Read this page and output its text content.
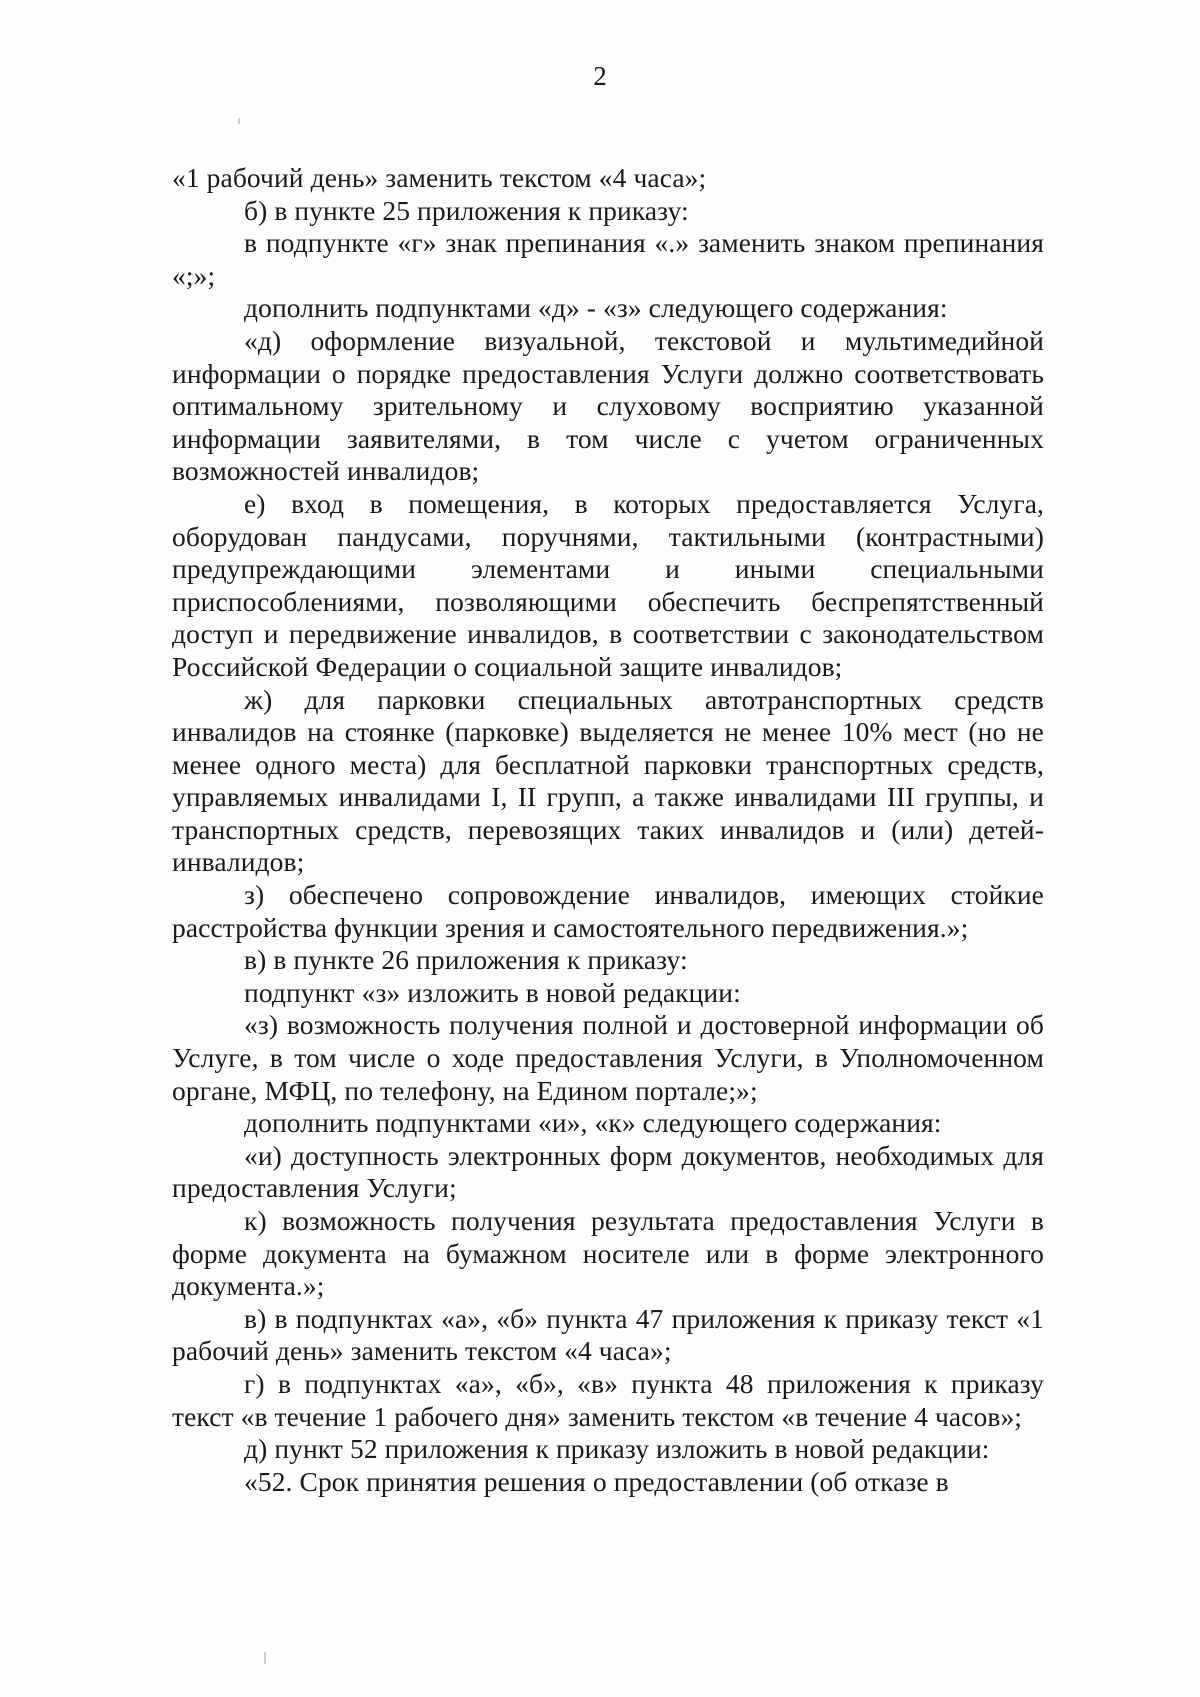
2

«1 рабочий день» заменить текстом «4 часа»;

б) в пункте 25 приложения к приказу:

в подпункте «г» знак препинания «.» заменить знаком препинания «;»;

дополнить подпунктами «д» - «з» следующего содержания:

«д) оформление визуальной, текстовой и мультимедийной информации о порядке предоставления Услуги должно соответствовать оптимальному зрительному и слуховому восприятию указанной информации заявителями, в том числе с учетом ограниченных возможностей инвалидов;

е) вход в помещения, в которых предоставляется Услуга, оборудован пандусами, поручнями, тактильными (контрастными) предупреждающими элементами и иными специальными приспособлениями, позволяющими обеспечить беспрепятственный доступ и передвижение инвалидов, в соответствии с законодательством Российской Федерации о социальной защите инвалидов;

ж) для парковки специальных автотранспортных средств инвалидов на стоянке (парковке) выделяется не менее 10% мест (но не менее одного места) для бесплатной парковки транспортных средств, управляемых инвалидами I, II групп, а также инвалидами III группы, и транспортных средств, перевозящих таких инвалидов и (или) детей-инвалидов;

з) обеспечено сопровождение инвалидов, имеющих стойкие расстройства функции зрения и самостоятельного передвижения.»;

в) в пункте 26 приложения к приказу:

подпункт «з» изложить в новой редакции:

«з) возможность получения полной и достоверной информации об Услуге, в том числе о ходе предоставления Услуги, в Уполномоченном органе, МФЦ, по телефону, на Едином портале;»;

дополнить подпунктами «и», «к» следующего содержания:

«и) доступность электронных форм документов, необходимых для предоставления Услуги;

к) возможность получения результата предоставления Услуги в форме документа на бумажном носителе или в форме электронного документа.»;

в) в подпунктах «а», «б» пункта 47 приложения к приказу текст «1 рабочий день» заменить текстом «4 часа»;

г) в подпунктах «а», «б», «в» пункта 48 приложения к приказу текст «в течение 1 рабочего дня» заменить текстом «в течение 4 часов»;

д) пункт 52 приложения к приказу изложить в новой редакции:

«52. Срок принятия решения о предоставлении (об отказе в
